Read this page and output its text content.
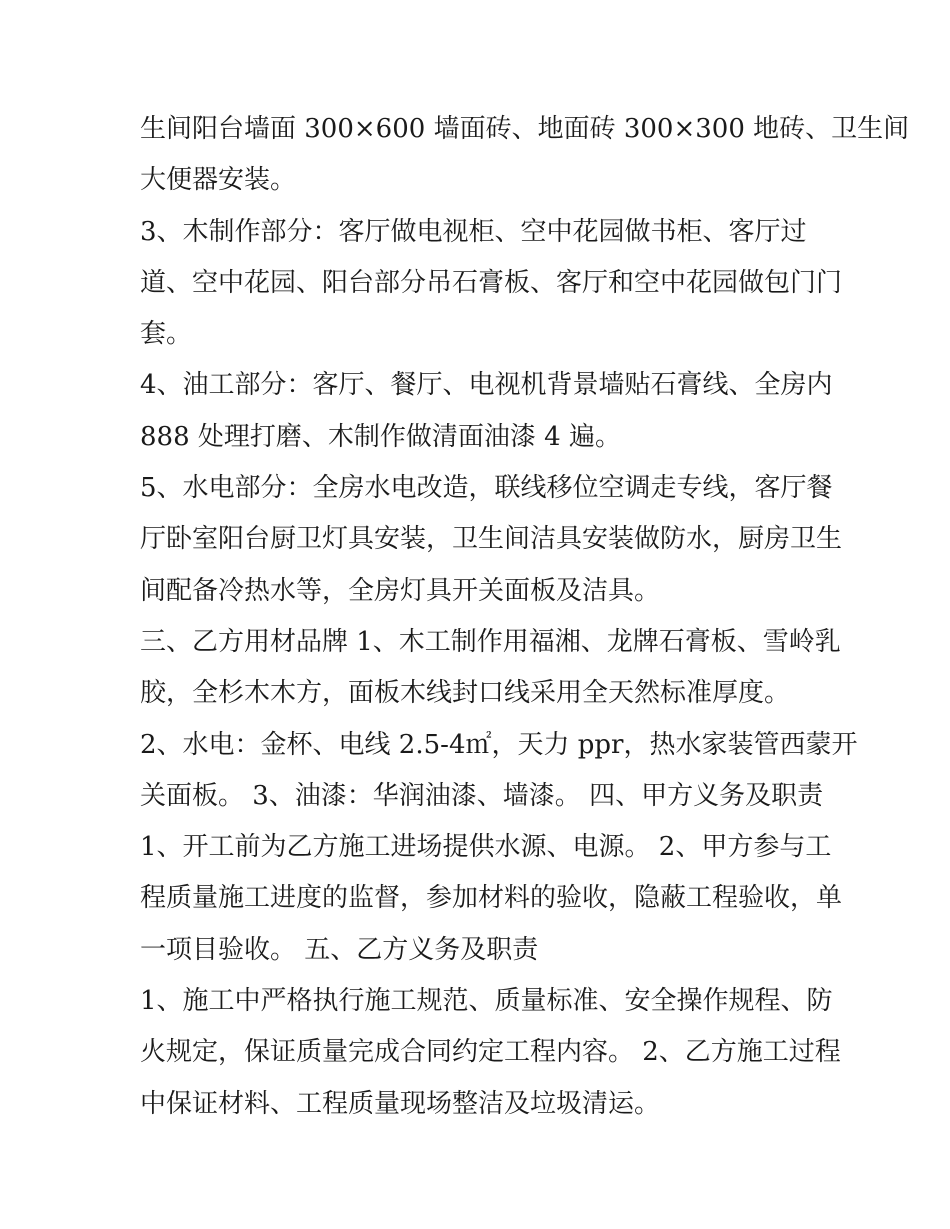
生间阳台墙面 300×600 墙面砖、地面砖 300×300 地砖、卫生间
大便器安装。
3、木制作部分：客厅做电视柜、空中花园做书柜、客厅过
道、空中花园、阳台部分吊石膏板、客厅和空中花园做包门门
套。
4、油工部分：客厅、餐厅、电视机背景墙贴石膏线、全房内
888 处理打磨、木制作做清面油漆 4 遍。
5、水电部分：全房水电改造，联线移位空调走专线，客厅餐
厅卧室阳台厨卫灯具安装，卫生间洁具安装做防水，厨房卫生
间配备冷热水等，全房灯具开关面板及洁具。
三、乙方用材品牌 1、木工制作用福湘、龙牌石膏板、雪岭乳
胶，全杉木木方，面板木线封口线采用全天然标准厚度。
2、水电：金杯、电线 2.5-4㎡，天力 ppr，热水家装管西蒙开
关面板。 3、油漆：华润油漆、墙漆。 四、甲方义务及职责
1、开工前为乙方施工进场提供水源、电源。 2、甲方参与工
程质量施工进度的监督，参加材料的验收，隐蔽工程验收，单
一项目验收。 五、乙方义务及职责
1、施工中严格执行施工规范、质量标准、安全操作规程、防
火规定，保证质量完成合同约定工程内容。 2、乙方施工过程
中保证材料、工程质量现场整洁及垃圾清运。
